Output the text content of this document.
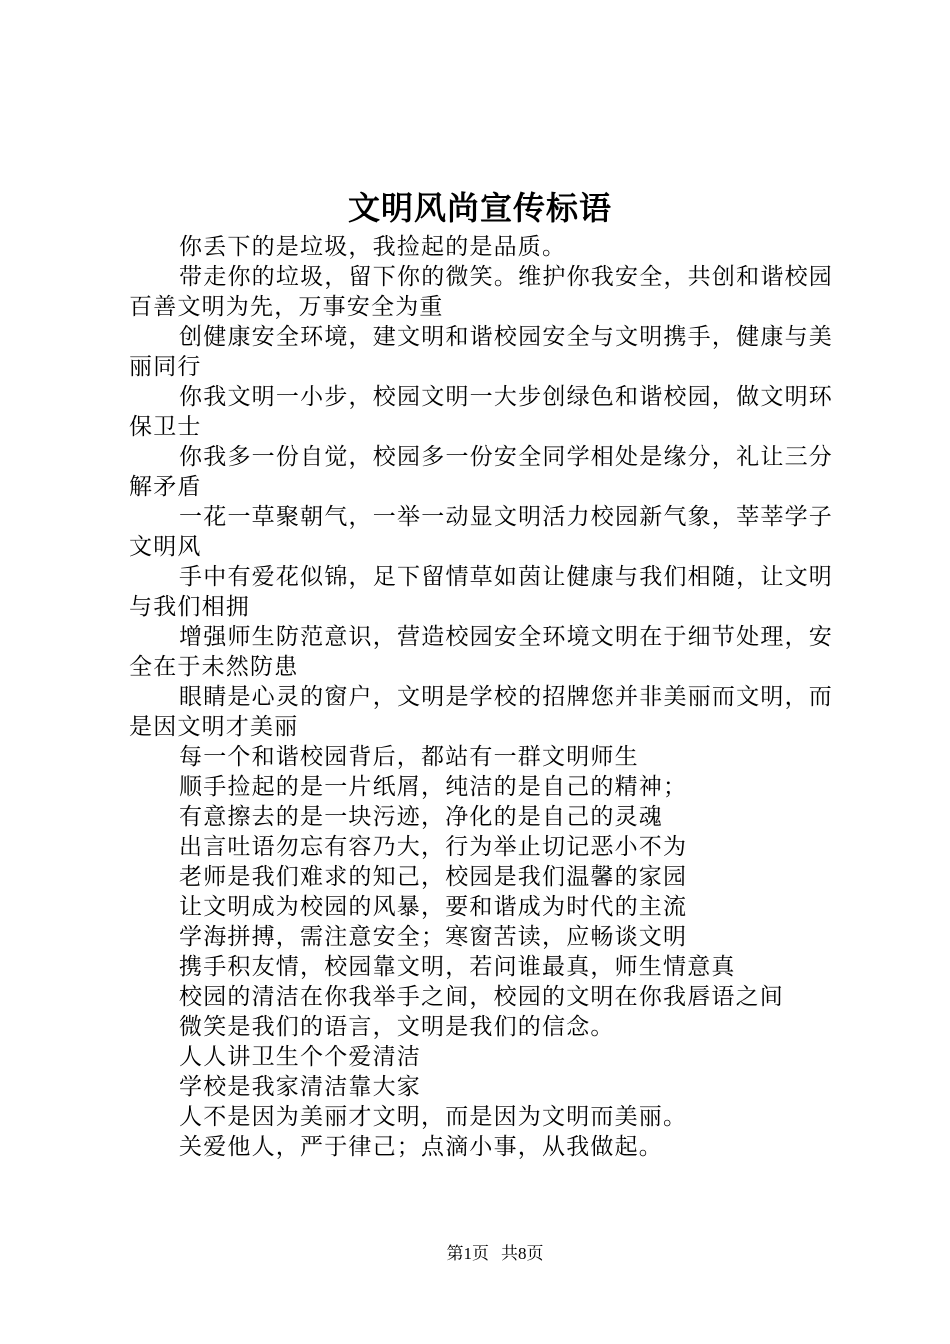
文明风尚宣传标语

你丢下的是垃圾，我捡起的是品质。

带走你的垃圾，留下你的微笑。维护你我安全，共创和谐校园百善文明为先，万事安全为重

创健康安全环境，建文明和谐校园安全与文明携手，健康与美丽同行

你我文明一小步，校园文明一大步创绿色和谐校园，做文明环保卫士

你我多一份自觉，校园多一份安全同学相处是缘分，礼让三分解矛盾

一花一草聚朝气，一举一动显文明活力校园新气象，莘莘学子文明风

手中有爱花似锦，足下留情草如茵让健康与我们相随，让文明与我们相拥

增强师生防范意识，营造校园安全环境文明在于细节处理，安全在于未然防患

眼睛是心灵的窗户，文明是学校的招牌您并非美丽而文明，而是因文明才美丽

每一个和谐校园背后，都站有一群文明师生

顺手捡起的是一片纸屑，纯洁的是自己的精神；

有意擦去的是一块污迹，净化的是自己的灵魂

出言吐语勿忘有容乃大，行为举止切记恶小不为

老师是我们难求的知己，校园是我们温馨的家园

让文明成为校园的风暴，要和谐成为时代的主流

学海拼搏，需注意安全；寒窗苦读，应畅谈文明

携手积友情，校园靠文明，若问谁最真，师生情意真

校园的清洁在你我举手之间，校园的文明在你我唇语之间

微笑是我们的语言，文明是我们的信念。

人人讲卫生个个爱清洁

学校是我家清洁靠大家

人不是因为美丽才文明，而是因为文明而美丽。

关爱他人，严于律己；点滴小事，从我做起。

第1页 共8页
